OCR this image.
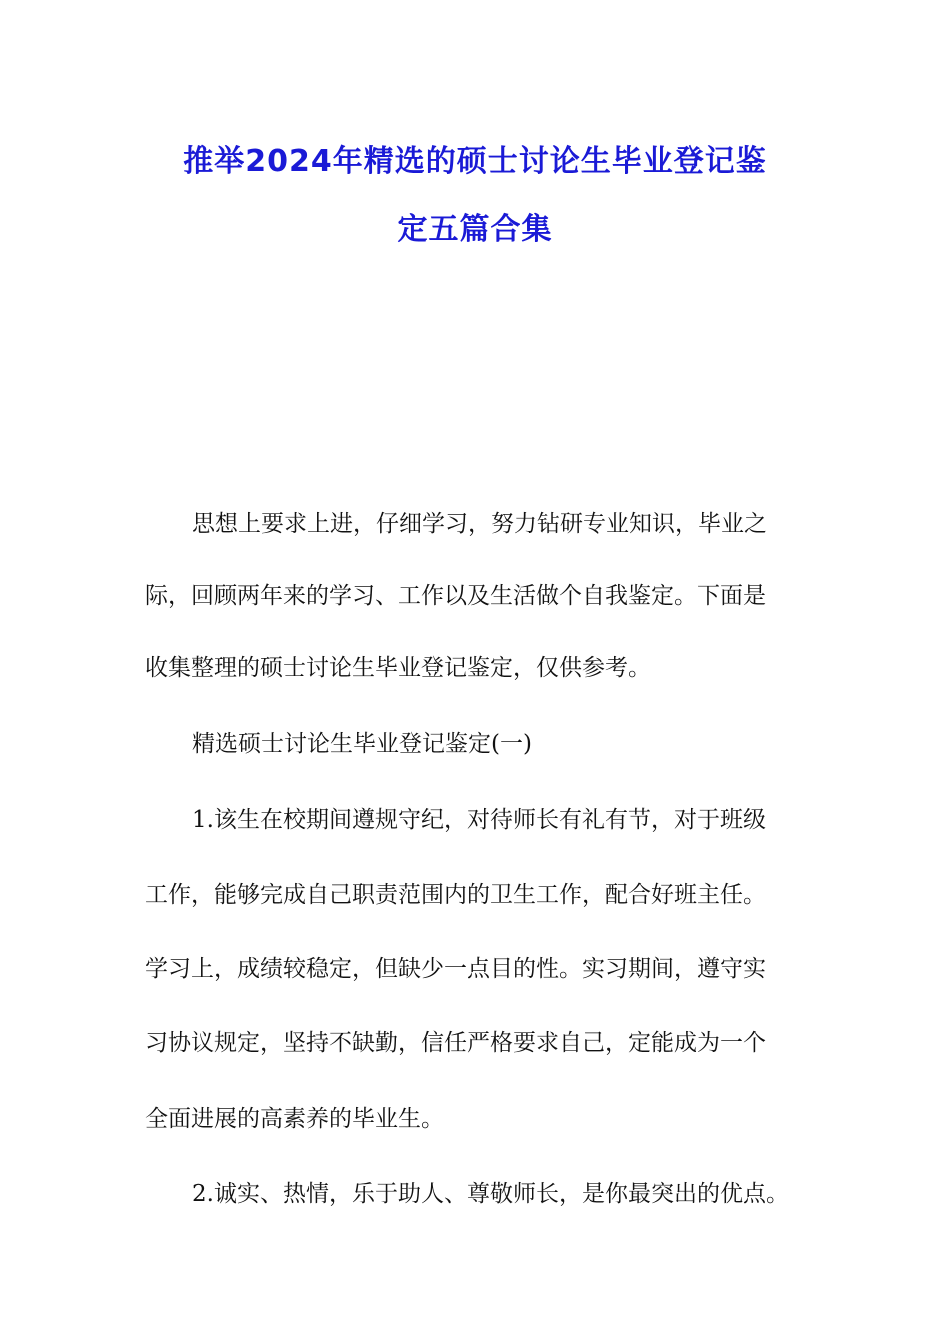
推举2024年精选的硕士讨论生毕业登记鉴
定五篇合集
思想上要求上进，仔细学习，努力钻研专业知识，毕业之
际，回顾两年来的学习、工作以及生活做个自我鉴定。下面是
收集整理的硕士讨论生毕业登记鉴定，仅供参考。
精选硕士讨论生毕业登记鉴定(一)
1.该生在校期间遵规守纪，对待师长有礼有节，对于班级
工作，能够完成自己职责范围内的卫生工作，配合好班主任。
学习上，成绩较稳定，但缺少一点目的性。实习期间，遵守实
习协议规定，坚持不缺勤，信任严格要求自己，定能成为一个
全面进展的高素养的毕业生。
2.诚实、热情，乐于助人、尊敬师长，是你最突出的优点。
